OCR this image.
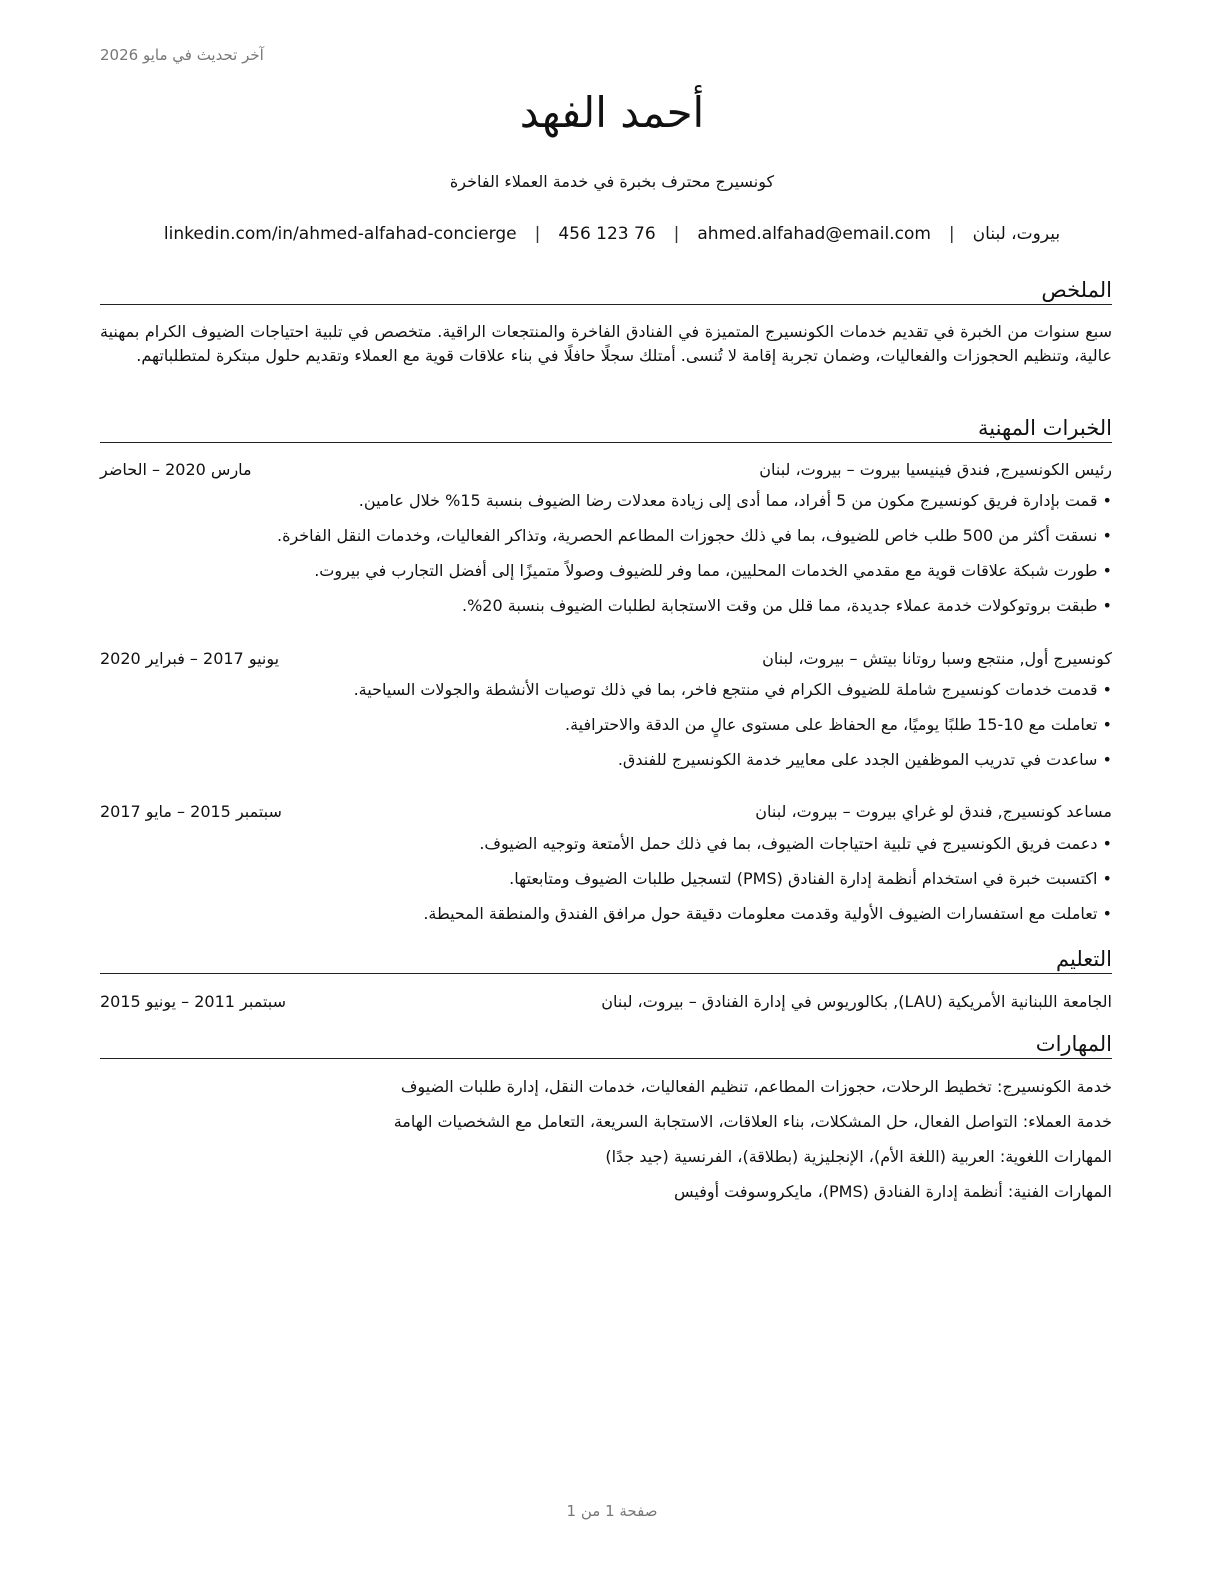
آخر تحديث في مايو 2026
أحمد الفهد
كونسيرج محترف بخبرة في خدمة العملاء الفاخرة
بيروت، لبنان
|
ahmed.alfahad@email.com
|
456 123 76
|
linkedin.com/in/ahmed-alfahad-concierge
الملخص
سبع سنوات من الخبرة في تقديم خدمات الكونسيرج المتميزة في الفنادق الفاخرة والمنتجعات الراقية. متخصص في تلبية احتياجات الضيوف الكرام بمهنية عالية، وتنظيم الحجوزات والفعاليات، وضمان تجربة إقامة لا تُنسى. أمتلك سجلًا حافلًا في بناء علاقات قوية مع العملاء وتقديم حلول مبتكرة لمتطلباتهم.
الخبرات المهنية
رئيس الكونسيرج, فندق فينيسيا بيروت – بيروت، لبنان
مارس 2020 – الحاضر
• قمت بإدارة فريق كونسيرج مكون من 5 أفراد، مما أدى إلى زيادة معدلات رضا الضيوف بنسبة 15% خلال عامين.
• نسقت أكثر من 500 طلب خاص للضيوف، بما في ذلك حجوزات المطاعم الحصرية، وتذاكر الفعاليات، وخدمات النقل الفاخرة.
• طورت شبكة علاقات قوية مع مقدمي الخدمات المحليين، مما وفر للضيوف وصولاً متميزًا إلى أفضل التجارب في بيروت.
• طبقت بروتوكولات خدمة عملاء جديدة، مما قلل من وقت الاستجابة لطلبات الضيوف بنسبة 20%.
كونسيرج أول, منتجع وسبا روتانا بيتش – بيروت، لبنان
يونيو 2017 – فبراير 2020
• قدمت خدمات كونسيرج شاملة للضيوف الكرام في منتجع فاخر، بما في ذلك توصيات الأنشطة والجولات السياحية.
• تعاملت مع 10-15 طلبًا يوميًا، مع الحفاظ على مستوى عالٍ من الدقة والاحترافية.
• ساعدت في تدريب الموظفين الجدد على معايير خدمة الكونسيرج للفندق.
مساعد كونسيرج, فندق لو غراي بيروت – بيروت، لبنان
سبتمبر 2015 – مايو 2017
• دعمت فريق الكونسيرج في تلبية احتياجات الضيوف، بما في ذلك حمل الأمتعة وتوجيه الضيوف.
• اكتسبت خبرة في استخدام أنظمة إدارة الفنادق (PMS) لتسجيل طلبات الضيوف ومتابعتها.
• تعاملت مع استفسارات الضيوف الأولية وقدمت معلومات دقيقة حول مرافق الفندق والمنطقة المحيطة.
التعليم
الجامعة اللبنانية الأمريكية (LAU), بكالوريوس في إدارة الفنادق – بيروت، لبنان
سبتمبر 2011 – يونيو 2015
المهارات
خدمة الكونسيرج: تخطيط الرحلات، حجوزات المطاعم، تنظيم الفعاليات، خدمات النقل، إدارة طلبات الضيوف
خدمة العملاء: التواصل الفعال، حل المشكلات، بناء العلاقات، الاستجابة السريعة، التعامل مع الشخصيات الهامة
المهارات اللغوية: العربية (اللغة الأم)، الإنجليزية (بطلاقة)، الفرنسية (جيد جدًا)
المهارات الفنية: أنظمة إدارة الفنادق (PMS)، مايكروسوفت أوفيس
صفحة 1 من 1
